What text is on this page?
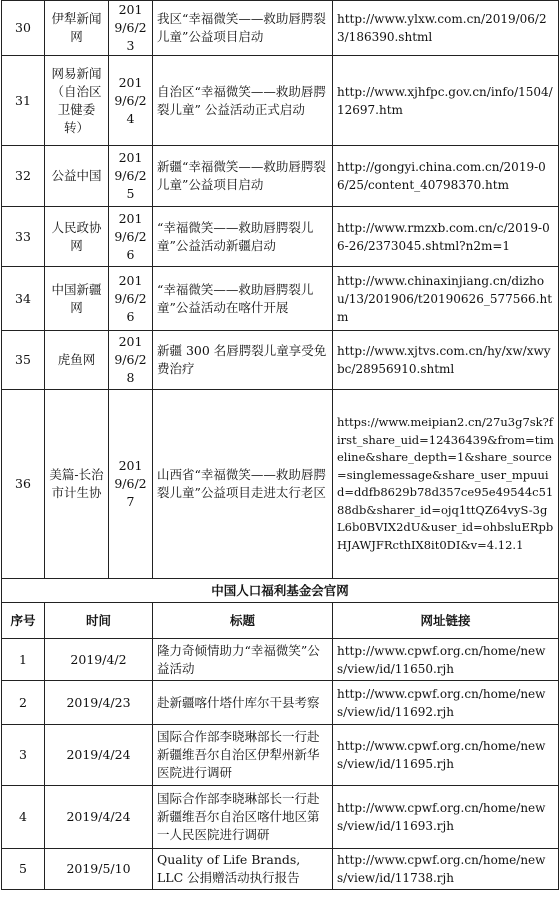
30	伊犁新闻网	2019/6/23	我区“幸福微笑——救助唇腭裂儿童”公益项目启动	http://www.ylxw.com.cn/2019/06/23/186390.shtml
31	网易新闻（自治区卫健委转）	2019/6/24	自治区“幸福微笑——救助唇腭裂儿童” 公益活动正式启动	http://www.xjhfpc.gov.cn/info/1504/12697.htm
32	公益中国	2019/6/25	新疆“幸福微笑——救助唇腭裂儿童”公益项目启动	http://gongyi.china.com.cn/2019-06/25/content_40798370.htm
33	人民政协网	2019/6/26	“幸福微笑——救助唇腭裂儿童”公益活动新疆启动	http://www.rmzxb.com.cn/c/2019-06-26/2373045.shtml?n2m=1
34	中国新疆网	2019/6/26	“幸福微笑——救助唇腭裂儿童”公益活动在喀什开展	http://www.chinaxinjiang.cn/dizhou/13/201906/t20190626_577566.htm
35	虎鱼网	2019/6/28	新疆 300 名唇腭裂儿童享受免费治疗	http://www.xjtvs.com.cn/hy/xw/xwybc/28956910.shtml
36	美篇-长治市计生协	2019/6/27	山西省“幸福微笑——救助唇腭裂儿童”公益项目走进太行老区	https://www.meipian2.cn/27u3g7sk?first_share_uid=12436439&from=timeline&share_depth=1&share_source=singlemessage&share_user_mpuuid=ddfb8629b78d357ce95e49544c5188db&sharer_id=ojq1ttQZ64vyS-3gL6b0BVIX2dU&user_id=ohbsluERpbHJAWJFRcthIX8it0DI&v=4.12.1
中国人口福利基金会官网				
序号	时间		标题	网址链接
1	2019/4/2		隆力奇倾情助力“幸福微笑”公益活动	http://www.cpwf.org.cn/home/news/view/id/11650.rjh
2	2019/4/23		赴新疆喀什塔什库尔干县考察	http://www.cpwf.org.cn/home/news/view/id/11692.rjh
3	2019/4/24		国际合作部李晓琳部长一行赴新疆维吾尔自治区伊犁州新华医院进行调研	http://www.cpwf.org.cn/home/news/view/id/11695.rjh
4	2019/4/24		国际合作部李晓琳部长一行赴新疆维吾尔自治区喀什地区第一人民医院进行调研	http://www.cpwf.org.cn/home/news/view/id/11693.rjh
5	2019/5/10		Quality of Life Brands, LLC 公捐赠活动执行报告	http://www.cpwf.org.cn/home/news/view/id/11738.rjh
